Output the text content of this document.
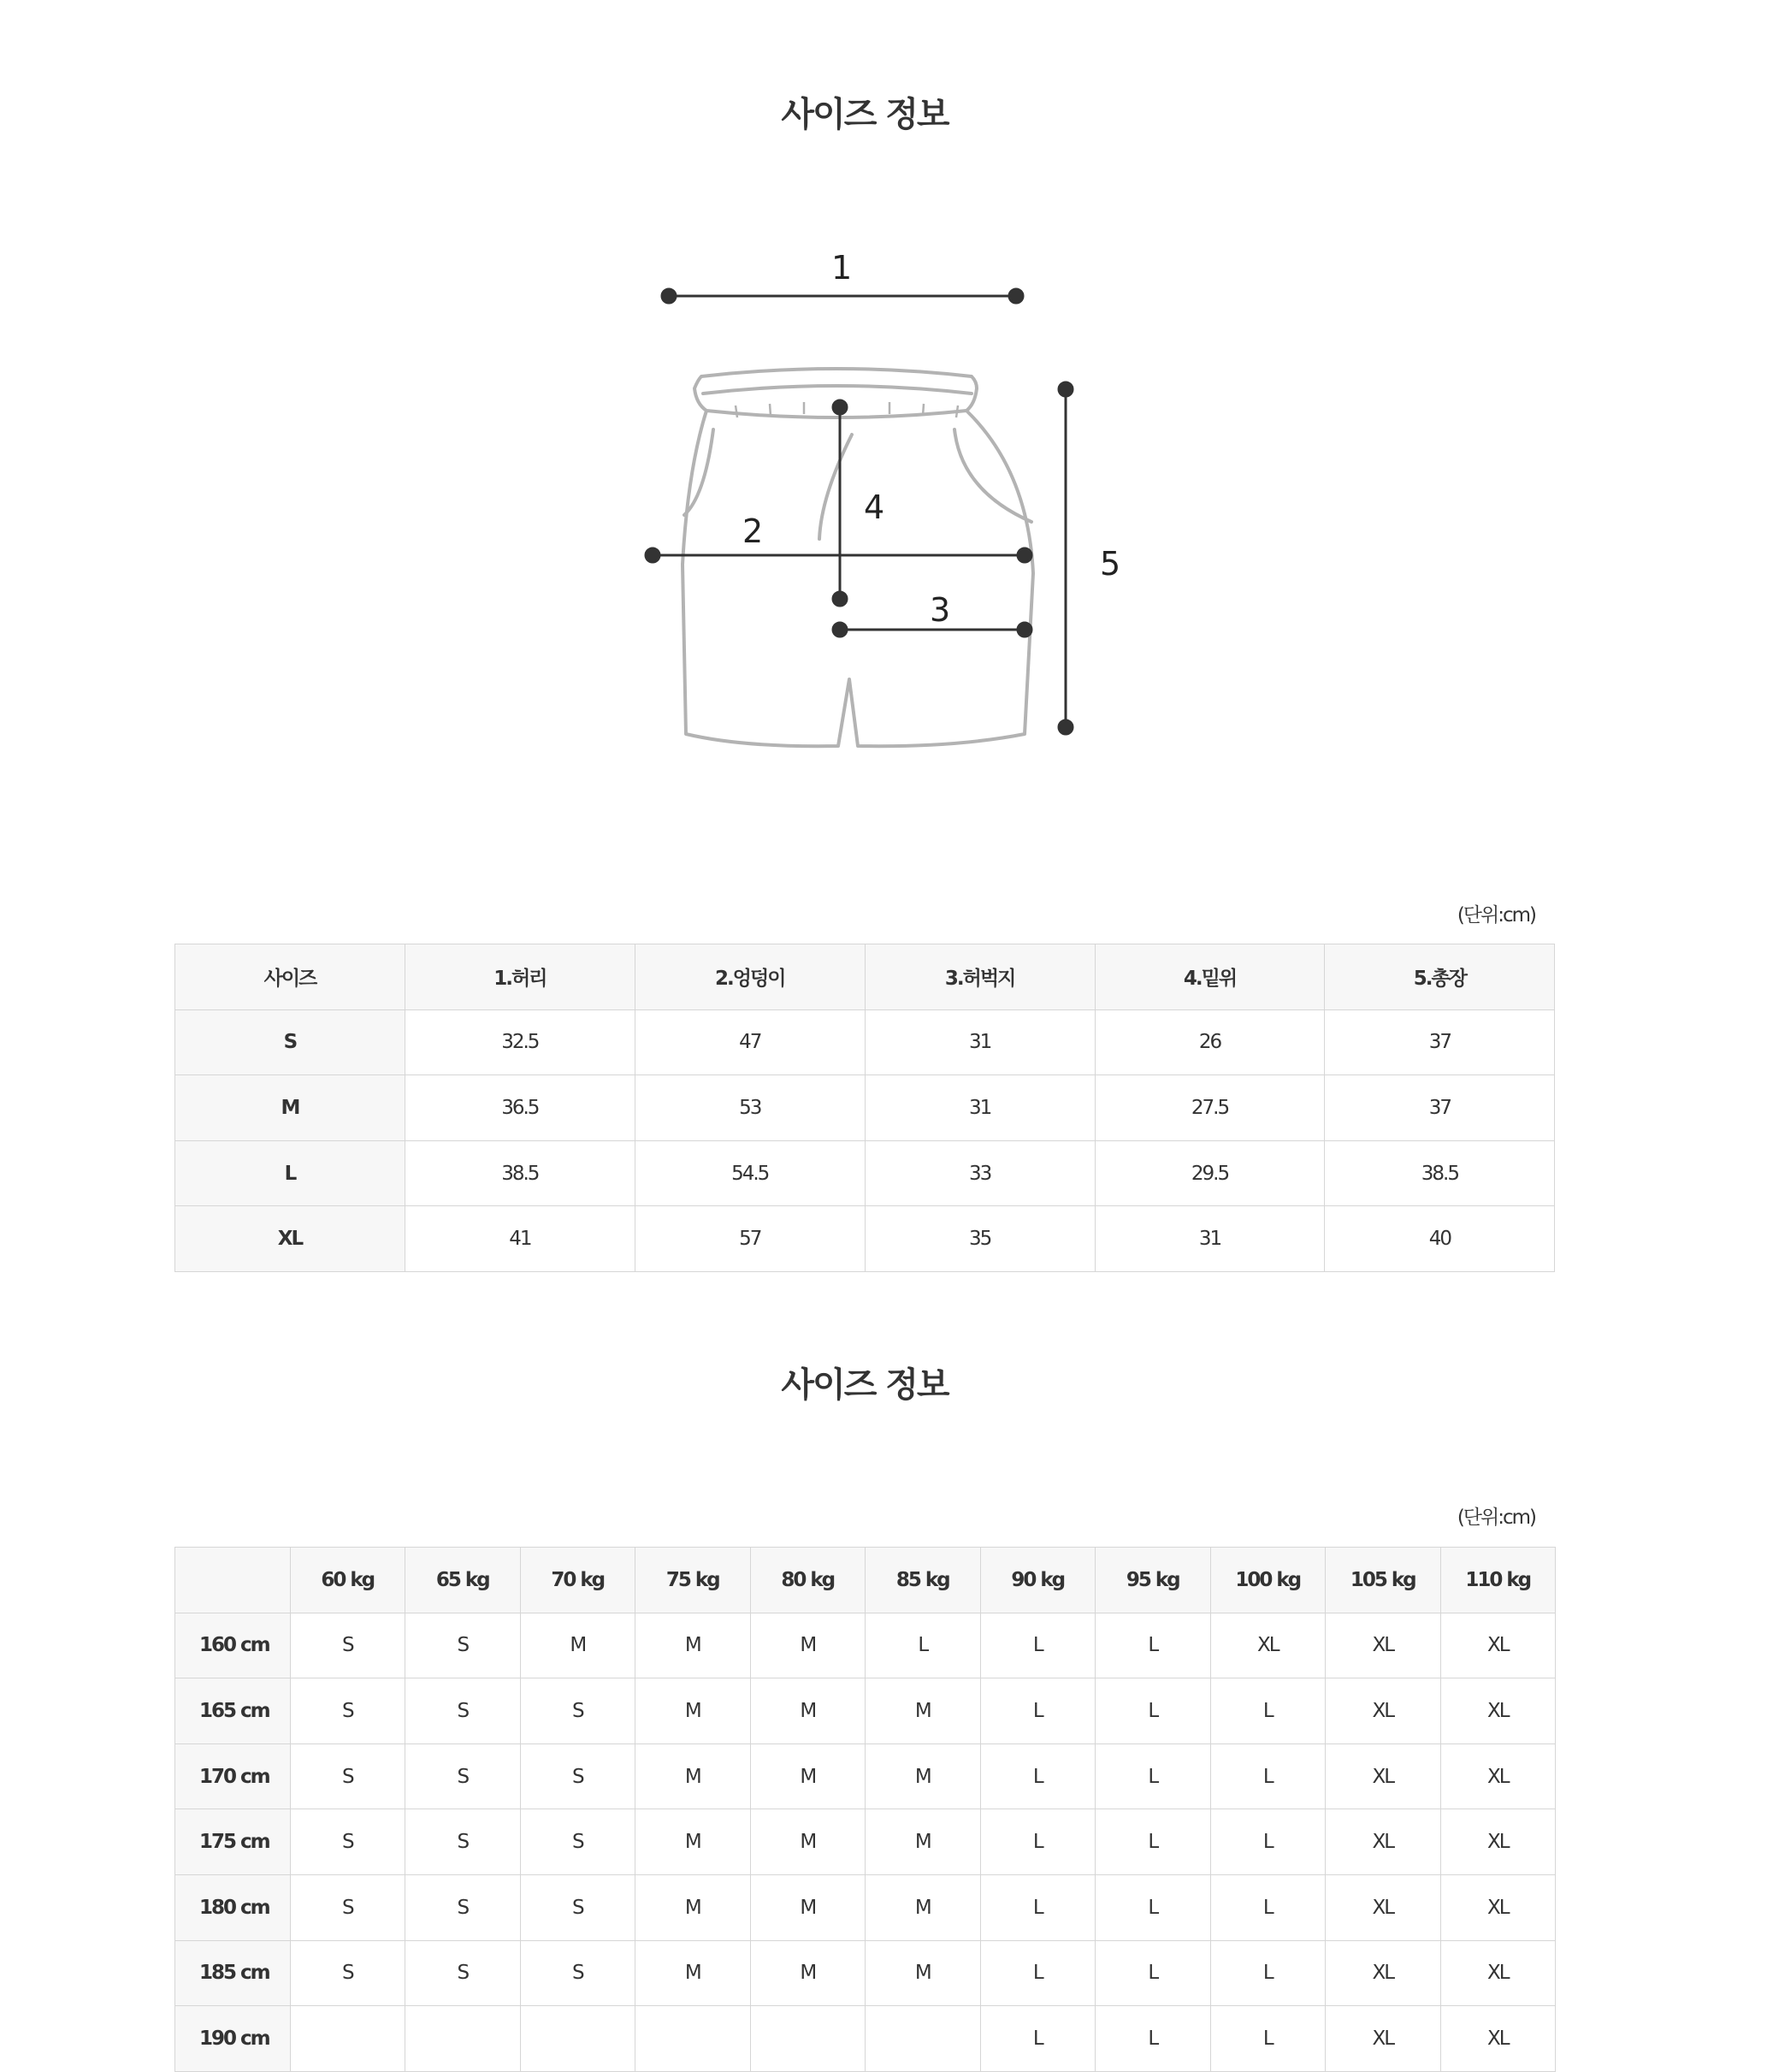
사이즈 정보
1
2
3
4
5
(단위:cm)
사이즈	1.허리	2.엉덩이	3.허벅지	4.밑위	5.총장
S	32.5	47	31	26	37
M	36.5	53	31	27.5	37
L	38.5	54.5	33	29.5	38.5
XL	41	57	35	31	40
사이즈 정보
(단위:cm)
	60 kg	65 kg	70 kg	75 kg	80 kg	85 kg	90 kg	95 kg	100 kg	105 kg	110 kg
160 cm	S	S	M	M	M	L	L	L	XL	XL	XL
165 cm	S	S	S	M	M	M	L	L	L	XL	XL
170 cm	S	S	S	M	M	M	L	L	L	XL	XL
175 cm	S	S	S	M	M	M	L	L	L	XL	XL
180 cm	S	S	S	M	M	M	L	L	L	XL	XL
185 cm	S	S	S	M	M	M	L	L	L	XL	XL
190 cm							L	L	L	XL	XL
